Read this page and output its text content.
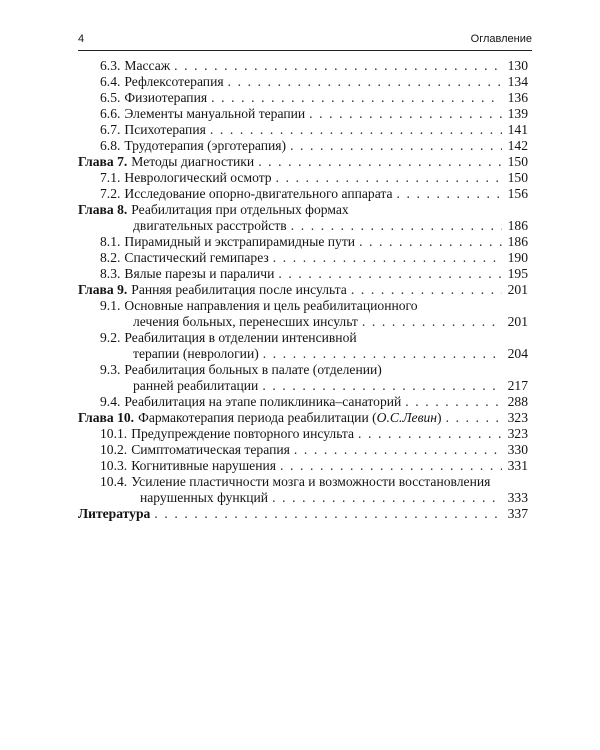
4	Оглавление
6.3. Массаж . . .	130
6.4. Рефлексотерапия . . .	134
6.5. Физиотерапия . . .	136
6.6. Элементы мануальной терапии . . .	139
6.7. Психотерапия . . .	141
6.8. Трудотерапия (эрготерапия) . . .	142
Глава 7. Методы диагностики . . .	150
7.1. Неврологический осмотр . . .	150
7.2. Исследование опорно-двигательного аппарата . . .	156
Глава 8. Реабилитация при отдельных формах
двигательных расстройств . . .	186
8.1. Пирамидный и экстрапирамидные пути . . .	186
8.2. Спастический гемипарез . . .	190
8.3. Вялые парезы и параличи . . .	195
Глава 9. Ранняя реабилитация после инсульта . . .	201
9.1. Основные направления и цель реабилитационного
лечения больных, перенесших инсульт . . .	201
9.2. Реабилитация в отделении интенсивной
терапии (неврологии) . . .	204
9.3. Реабилитация больных в палате (отделении)
ранней реабилитации . . .	217
9.4. Реабилитация на этапе поликлиника–санаторий . . .	288
Глава 10. Фармакотерапия периода реабилитации (О.С.Левин) . . .	323
10.1. Предупреждение повторного инсульта . . .	323
10.2. Симптоматическая терапия . . .	330
10.3. Когнитивные нарушения . . .	331
10.4. Усиление пластичности мозга и возможности восстановления
нарушенных функций . . .	333
Литература . . .	337
